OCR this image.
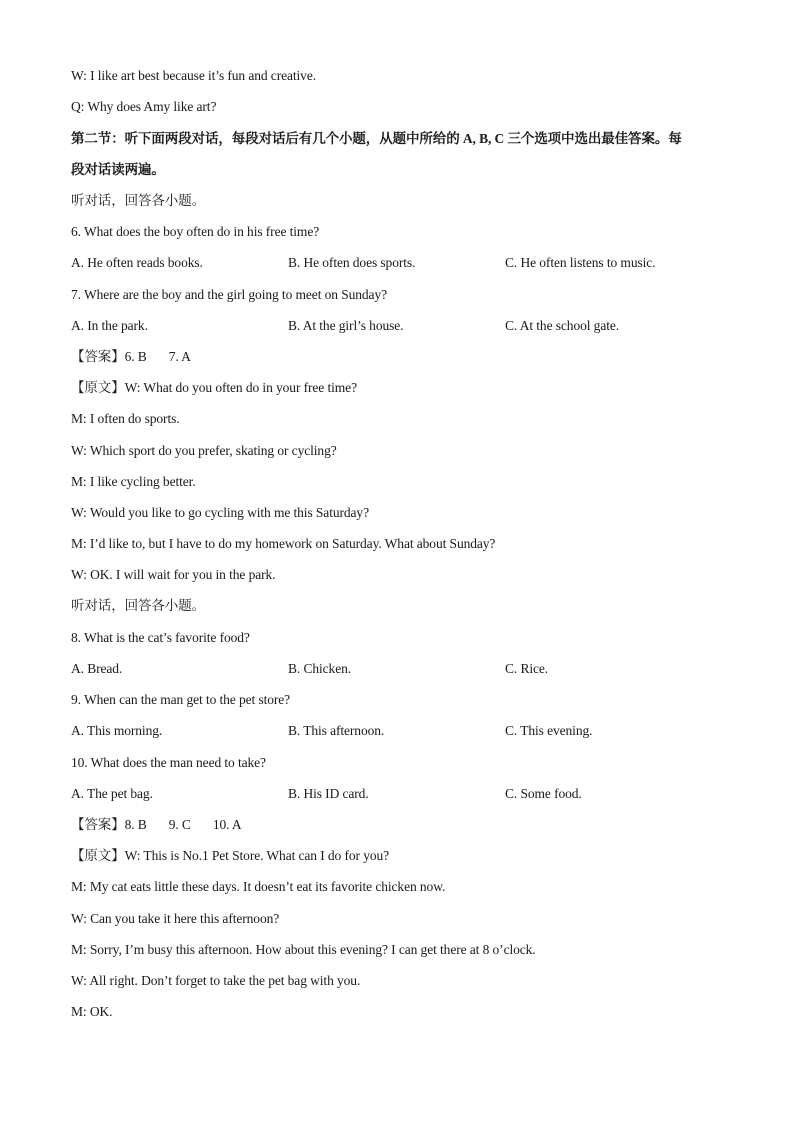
W: I like art best because it’s fun and creative.
Q: Why does Amy like art?
第二节：听下面两段对话，每段对话后有几个小题，从题中所给的 A, B, C 三个选项中选出最佳答案。每
段对话读两遍。
听对话，回答各小题。
6. What does the boy often do in his free time?
A. He often reads books.	B. He often does sports.	C. He often listens to music.
7. Where are the boy and the girl going to meet on Sunday?
A. In the park.	B. At the girl’s house.	C. At the school gate.
【答案】6. B 7. A
【原文】W: What do you often do in your free time?
M: I often do sports.
W: Which sport do you prefer, skating or cycling?
M: I like cycling better.
W: Would you like to go cycling with me this Saturday?
M: I’d like to, but I have to do my homework on Saturday. What about Sunday?
W: OK. I will wait for you in the park.
听对话，回答各小题。
8. What is the cat’s favorite food?
A. Bread.	B. Chicken.	C. Rice.
9. When can the man get to the pet store?
A. This morning.	B. This afternoon.	C. This evening.
10. What does the man need to take?
A. The pet bag.	B. His ID card.	C. Some food.
【答案】8. B 9. C 10. A
【原文】W: This is No.1 Pet Store. What can I do for you?
M: My cat eats little these days. It doesn’t eat its favorite chicken now.
W: Can you take it here this afternoon?
M: Sorry, I’m busy this afternoon. How about this evening? I can get there at 8 o’clock.
W: All right. Don’t forget to take the pet bag with you.
M: OK.
